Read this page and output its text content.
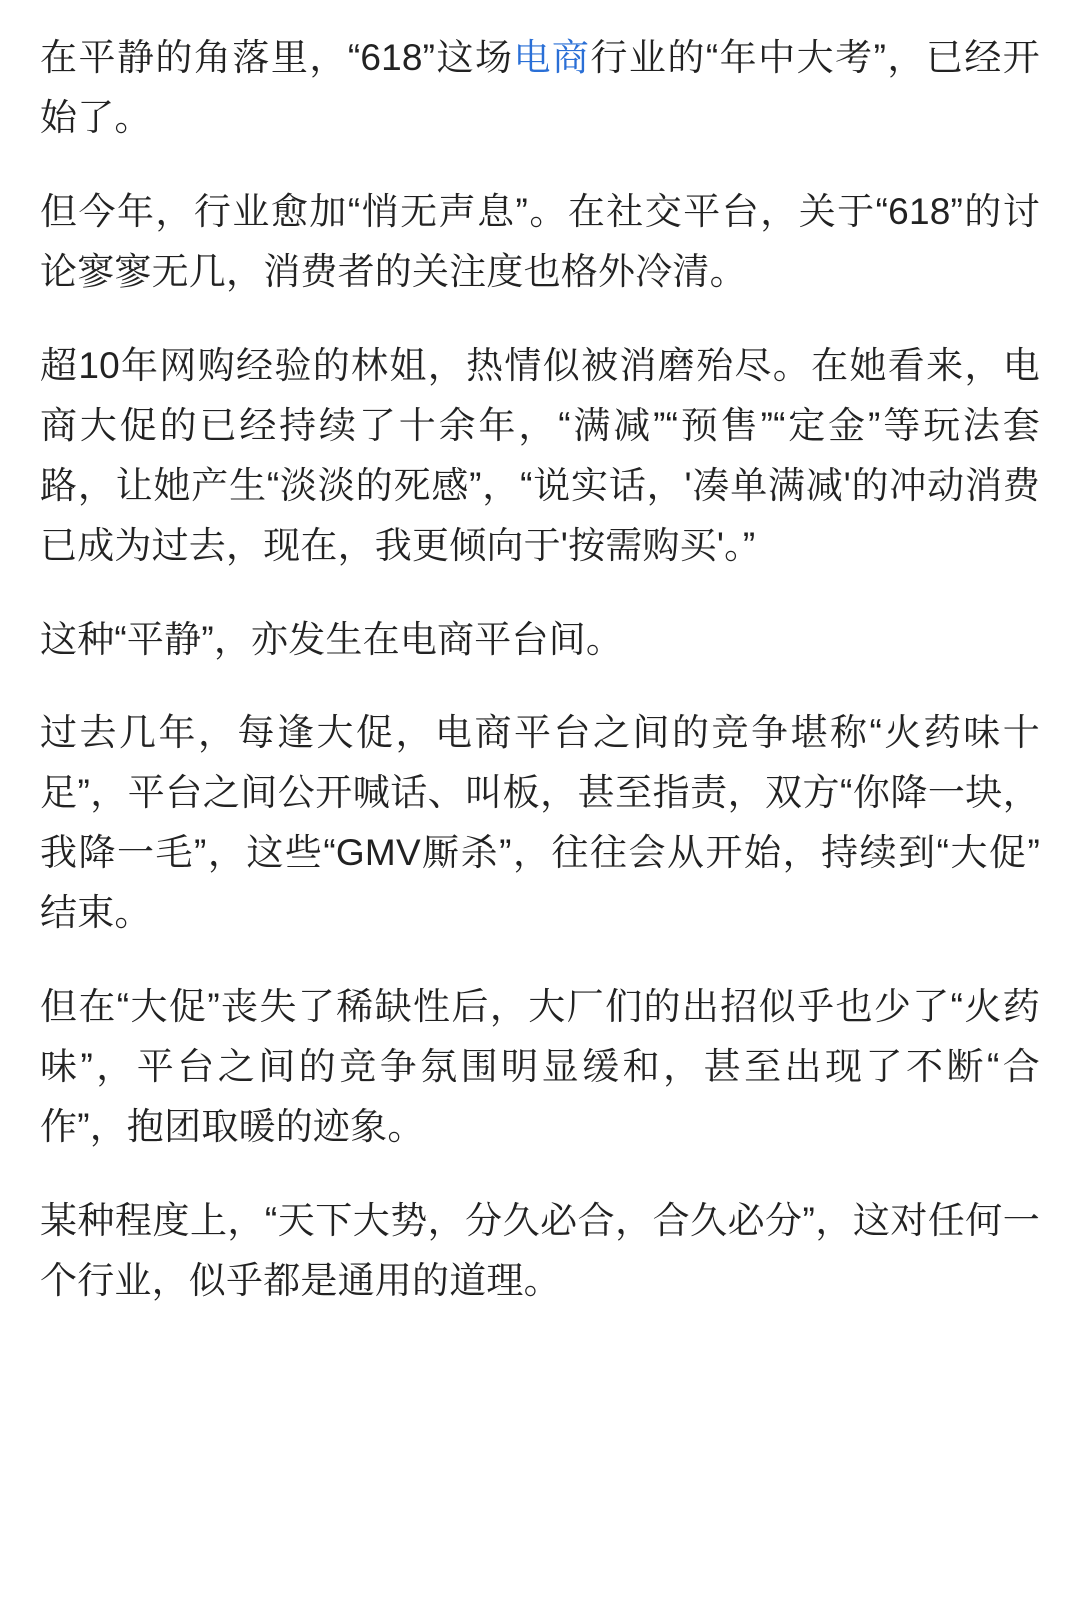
在平静的角落里，“618”这场电商行业的“年中大考”，已经开始了。

但今年，行业愈加“悄无声息”。在社交平台，关于“618”的讨论寥寥无几，消费者的关注度也格外冷清。

超10年网购经验的林姐，热情似被消磨殆尽。在她看来，电商大促的已经持续了十余年，“满减”“预售”“定金”等玩法套路，让她产生“淡淡的死感”，“说实话，'凑单满减'的冲动消费已成为过去，现在，我更倾向于'按需购买'。”

这种“平静”，亦发生在电商平台间。

过去几年，每逢大促，电商平台之间的竞争堪称“火药味十足”，平台之间公开喊话、叫板，甚至指责，双方“你降一块，我降一毛”，这些“GMV厮杀”，往往会从开始，持续到“大促”结束。

但在“大促”丧失了稀缺性后，大厂们的出招似乎也少了“火药味”，平台之间的竞争氛围明显缓和，甚至出现了不断“合作”，抱团取暖的迹象。

某种程度上，“天下大势，分久必合，合久必分”，这对任何一个行业，似乎都是通用的道理。
